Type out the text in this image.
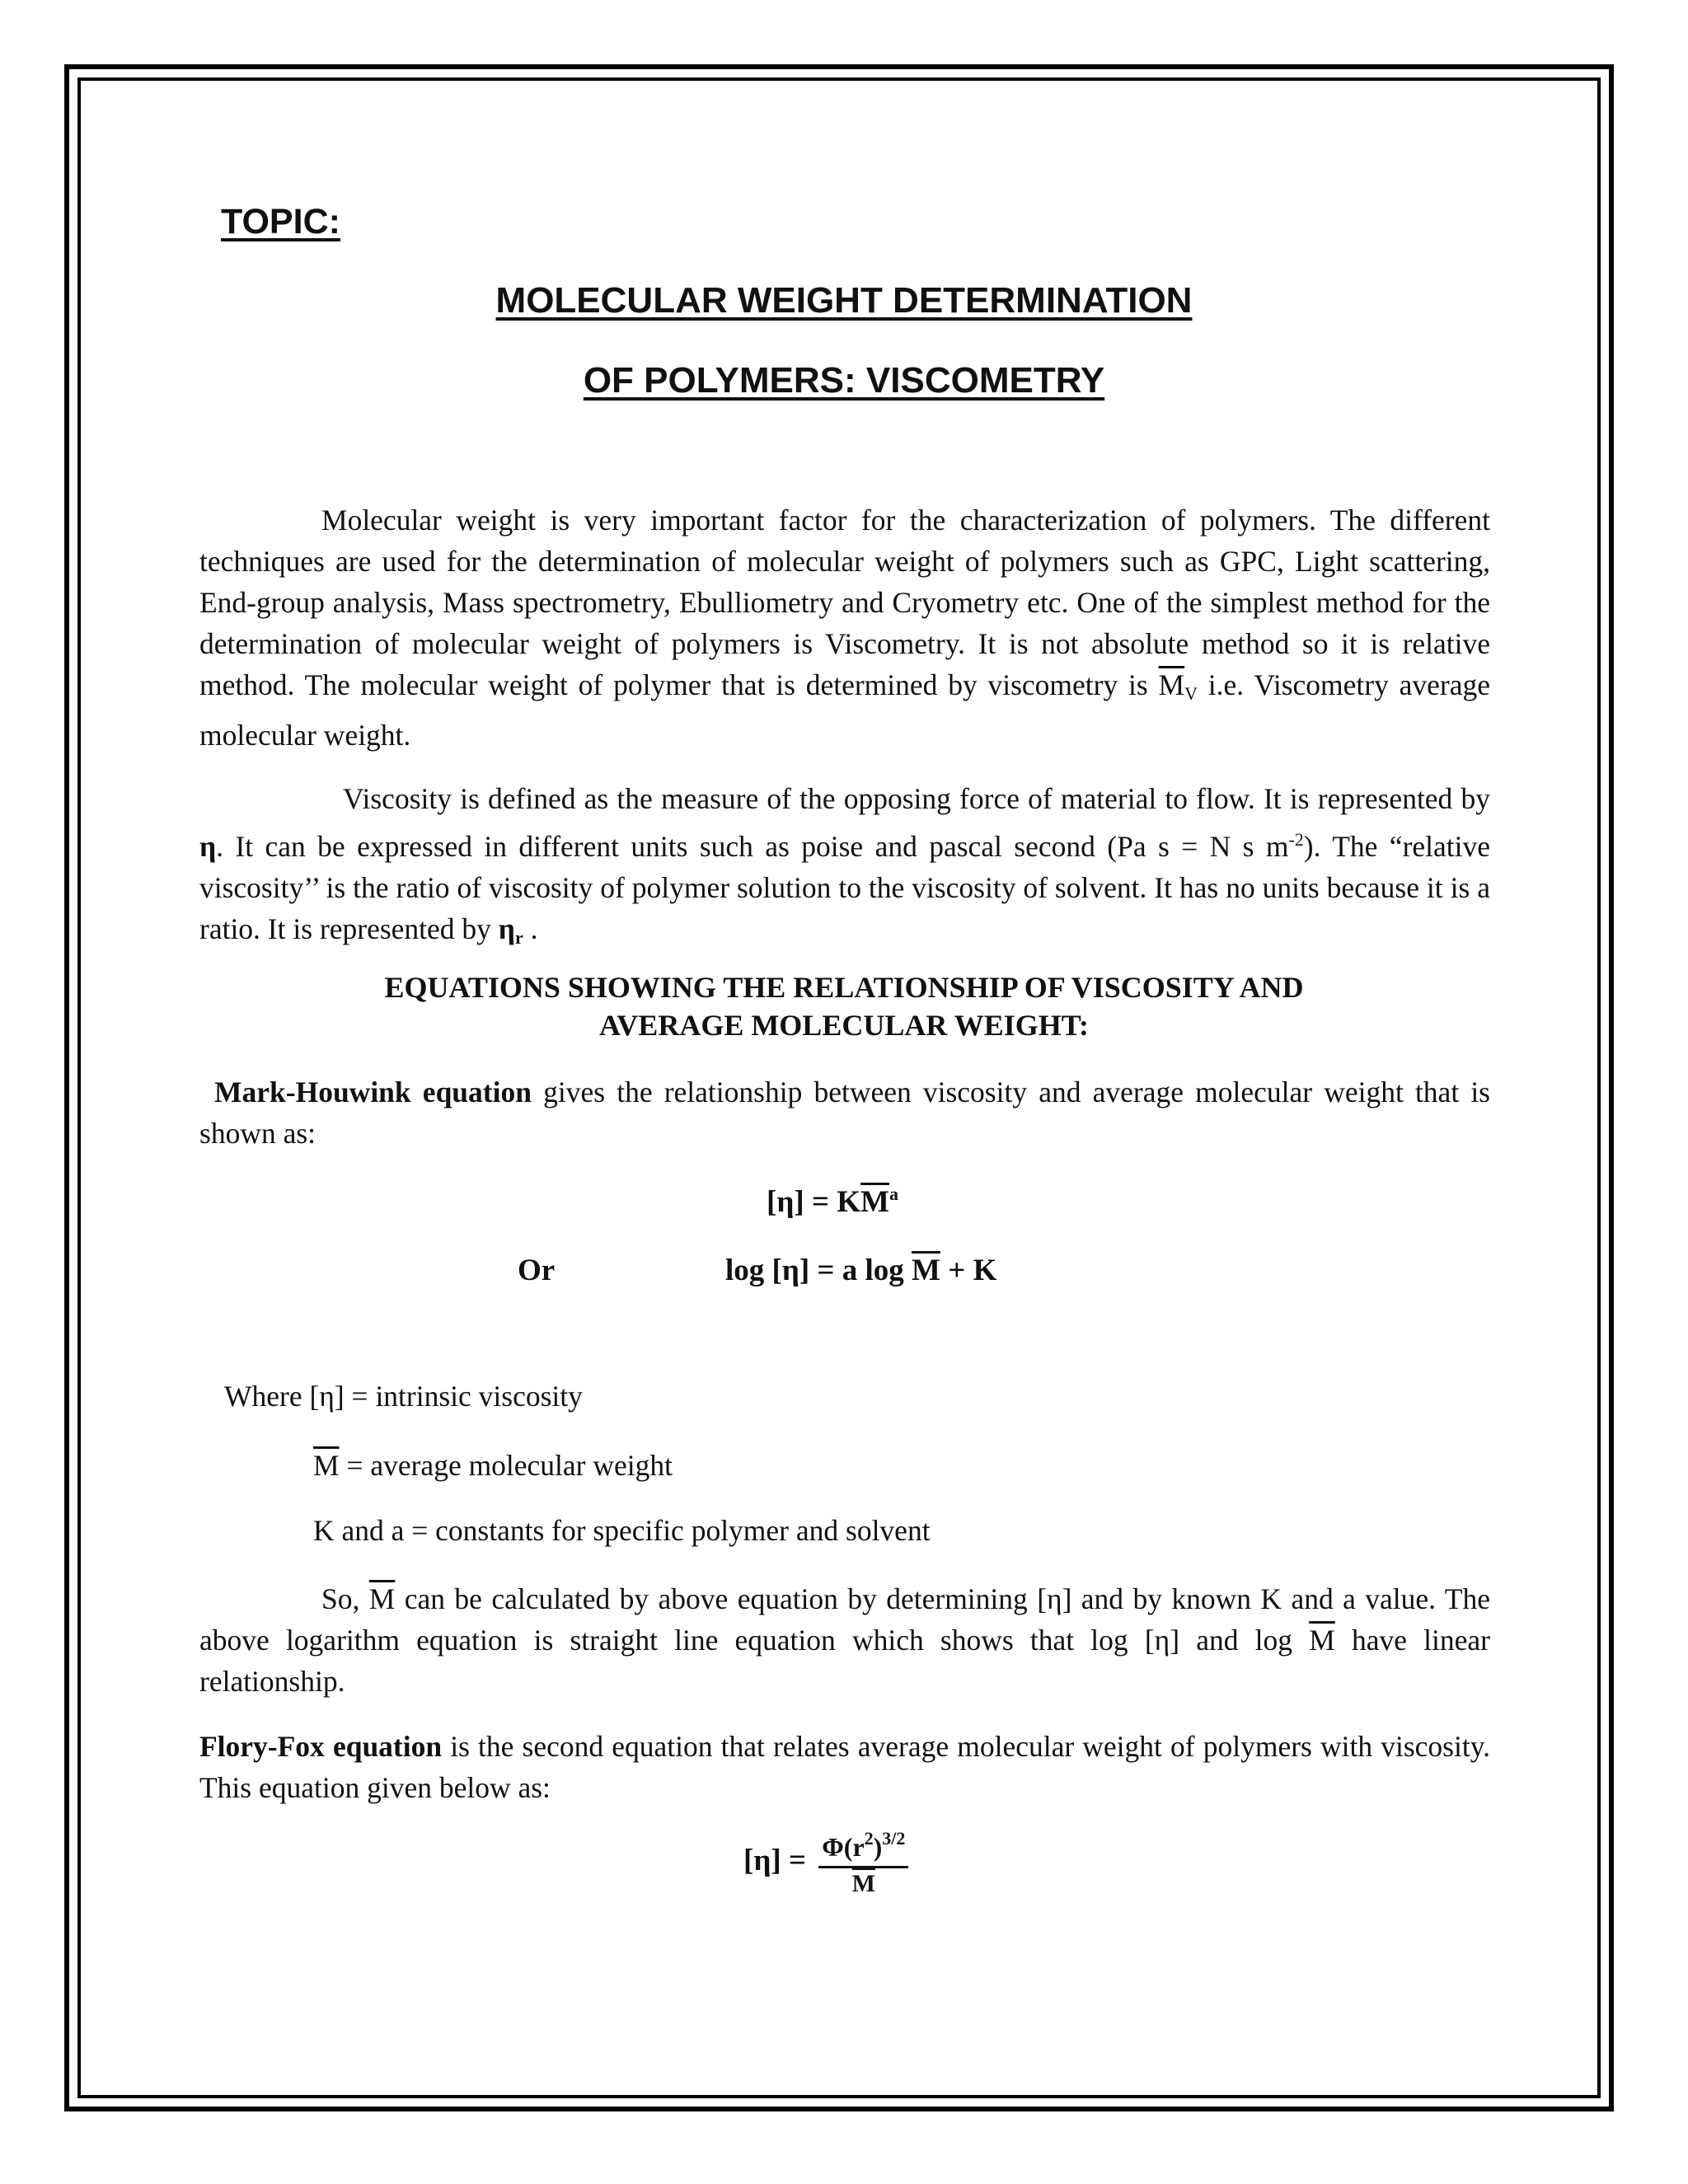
TOPIC:
MOLECULAR WEIGHT DETERMINATION
OF POLYMERS: VISCOMETRY
Molecular weight is very important factor for the characterization of polymers. The different techniques are used for the determination of molecular weight of polymers such as GPC, Light scattering, End-group analysis, Mass spectrometry, Ebulliometry and Cryometry etc. One of the simplest method for the determination of molecular weight of polymers is Viscometry. It is not absolute method so it is relative method. The molecular weight of polymer that is determined by viscometry is $\overline{M}_V$ i.e. Viscometry average molecular weight.
Viscosity is defined as the measure of the opposing force of material to flow. It is represented by η. It can be expressed in different units such as poise and pascal second (Pa s = N s $m^{-2}$). The “relative viscosity’’ is the ratio of viscosity of polymer solution to the viscosity of solvent. It has no units because it is a ratio. It is represented by $\eta_r$ .
EQUATIONS SHOWING THE RELATIONSHIP OF VISCOSITY AND
AVERAGE MOLECULAR WEIGHT:
Mark-Houwink equation gives the relationship between viscosity and average molecular weight that is shown as:
$[\eta] = K\overline{M}^a$
Or	log [η] = a $\log \overline{M} + K$
Where [η] = intrinsic viscosity
$\overline{M}$ = average molecular weight
K and a = constants for specific polymer and solvent
So, $\overline{M}$ can be calculated by above equation by determining [η] and by known K and a value. The above logarithm equation is straight line equation which shows that log [η] and $\log \overline{M}$ have linear relationship.
Flory-Fox equation is the second equation that relates average molecular weight of polymers with viscosity. This equation given below as:
$[\eta] = \frac{\Phi(r^2)^{3/2}}{M}$
